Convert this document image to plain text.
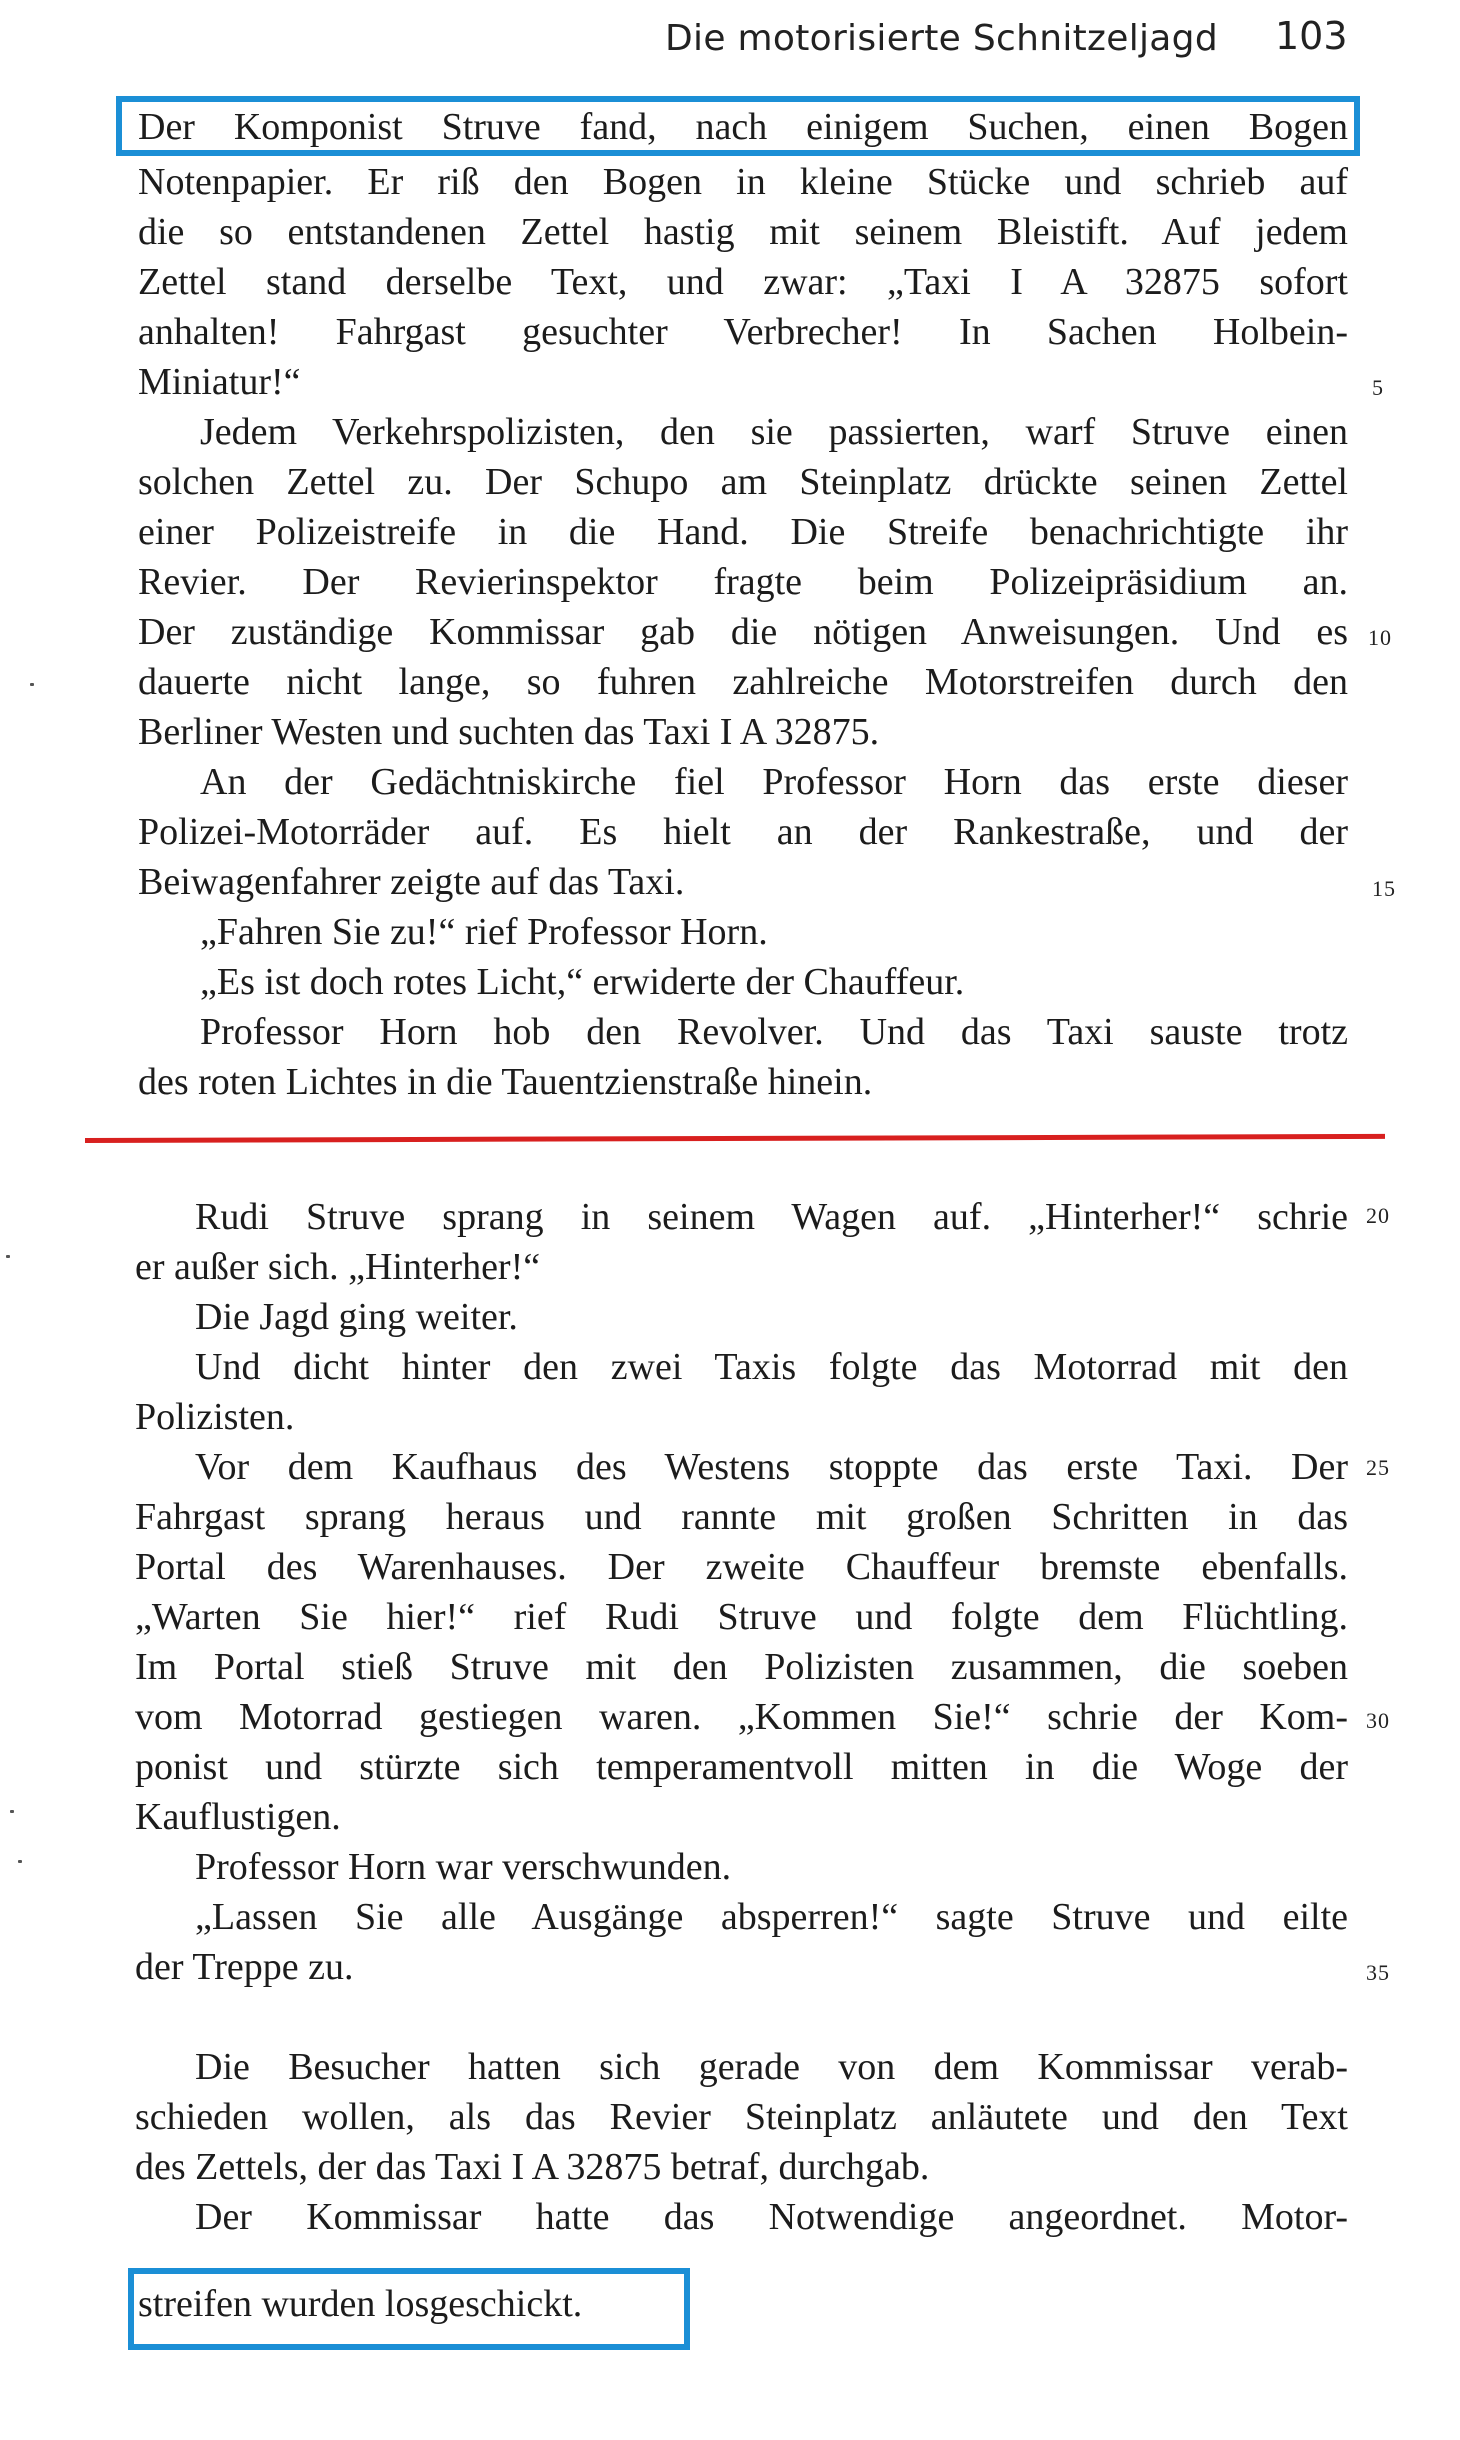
Die motorisierte Schnitzeljagd 103
Der Komponist Struve fand, nach einigem Suchen, einen Bogen
Notenpapier. Er riß den Bogen in kleine Stücke und schrieb auf
die so entstandenen Zettel hastig mit seinem Bleistift. Auf jedem
Zettel stand derselbe Text, und zwar: „Taxi I A 32875 sofort
anhalten! Fahrgast gesuchter Verbrecher! In Sachen Holbein-
Miniatur!“
Jedem Verkehrspolizisten, den sie passierten, warf Struve einen
solchen Zettel zu. Der Schupo am Steinplatz drückte seinen Zettel
einer Polizeistreife in die Hand. Die Streife benachrichtigte ihr
Revier. Der Revierinspektor fragte beim Polizeipräsidium an.
Der zuständige Kommissar gab die nötigen Anweisungen. Und es
dauerte nicht lange, so fuhren zahlreiche Motorstreifen durch den
Berliner Westen und suchten das Taxi I A 32875.
An der Gedächtniskirche fiel Professor Horn das erste dieser
Polizei-Motorräder auf. Es hielt an der Rankestraße, und der
Beiwagenfahrer zeigte auf das Taxi.
„Fahren Sie zu!“ rief Professor Horn.
„Es ist doch rotes Licht,“ erwiderte der Chauffeur.
Professor Horn hob den Revolver. Und das Taxi sauste trotz
des roten Lichtes in die Tauentzienstraße hinein.
Rudi Struve sprang in seinem Wagen auf. „Hinterher!“ schrie
er außer sich. „Hinterher!“
Die Jagd ging weiter.
Und dicht hinter den zwei Taxis folgte das Motorrad mit den
Polizisten.
Vor dem Kaufhaus des Westens stoppte das erste Taxi. Der
Fahrgast sprang heraus und rannte mit großen Schritten in das
Portal des Warenhauses. Der zweite Chauffeur bremste ebenfalls.
„Warten Sie hier!“ rief Rudi Struve und folgte dem Flüchtling.
Im Portal stieß Struve mit den Polizisten zusammen, die soeben
vom Motorrad gestiegen waren. „Kommen Sie!“ schrie der Kom-
ponist und stürzte sich temperamentvoll mitten in die Woge der
Kauflustigen.
Professor Horn war verschwunden.
„Lassen Sie alle Ausgänge absperren!“ sagte Struve und eilte
der Treppe zu.
Die Besucher hatten sich gerade von dem Kommissar verab-
schieden wollen, als das Revier Steinplatz anläutete und den Text
des Zettels, der das Taxi I A 32875 betraf, durchgab.
Der Kommissar hatte das Notwendige angeordnet. Motor-
streifen wurden losgeschickt.
5
10
15
20
25
30
35
